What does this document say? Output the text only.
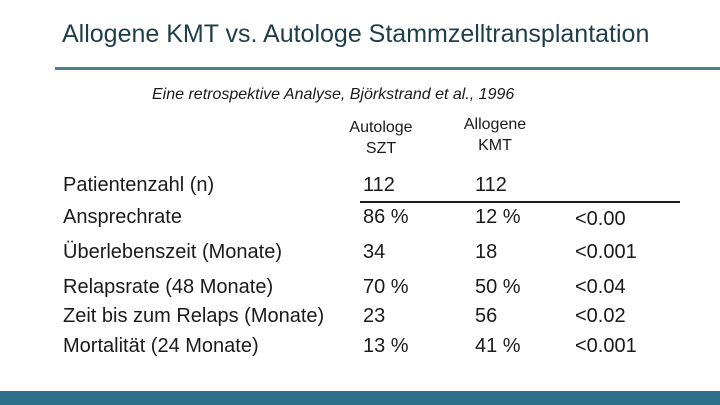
Allogene KMT vs. Autologe Stammzelltransplantation
Eine retrospektive Analyse, Björkstrand et al., 1996
Autologe
SZT
Allogene
KMT
Patientenzahl (n)	112	112
Ansprechrate	86 %	12 %	<0.00
Überlebenszeit (Monate)	34	18	<0.001
Relapsrate (48 Monate)	70 %	50 %	<0.04
Zeit bis zum Relaps (Monate) 23	56	<0.02
Mortalität (24 Monate)	13 %	41 %	<0.001
